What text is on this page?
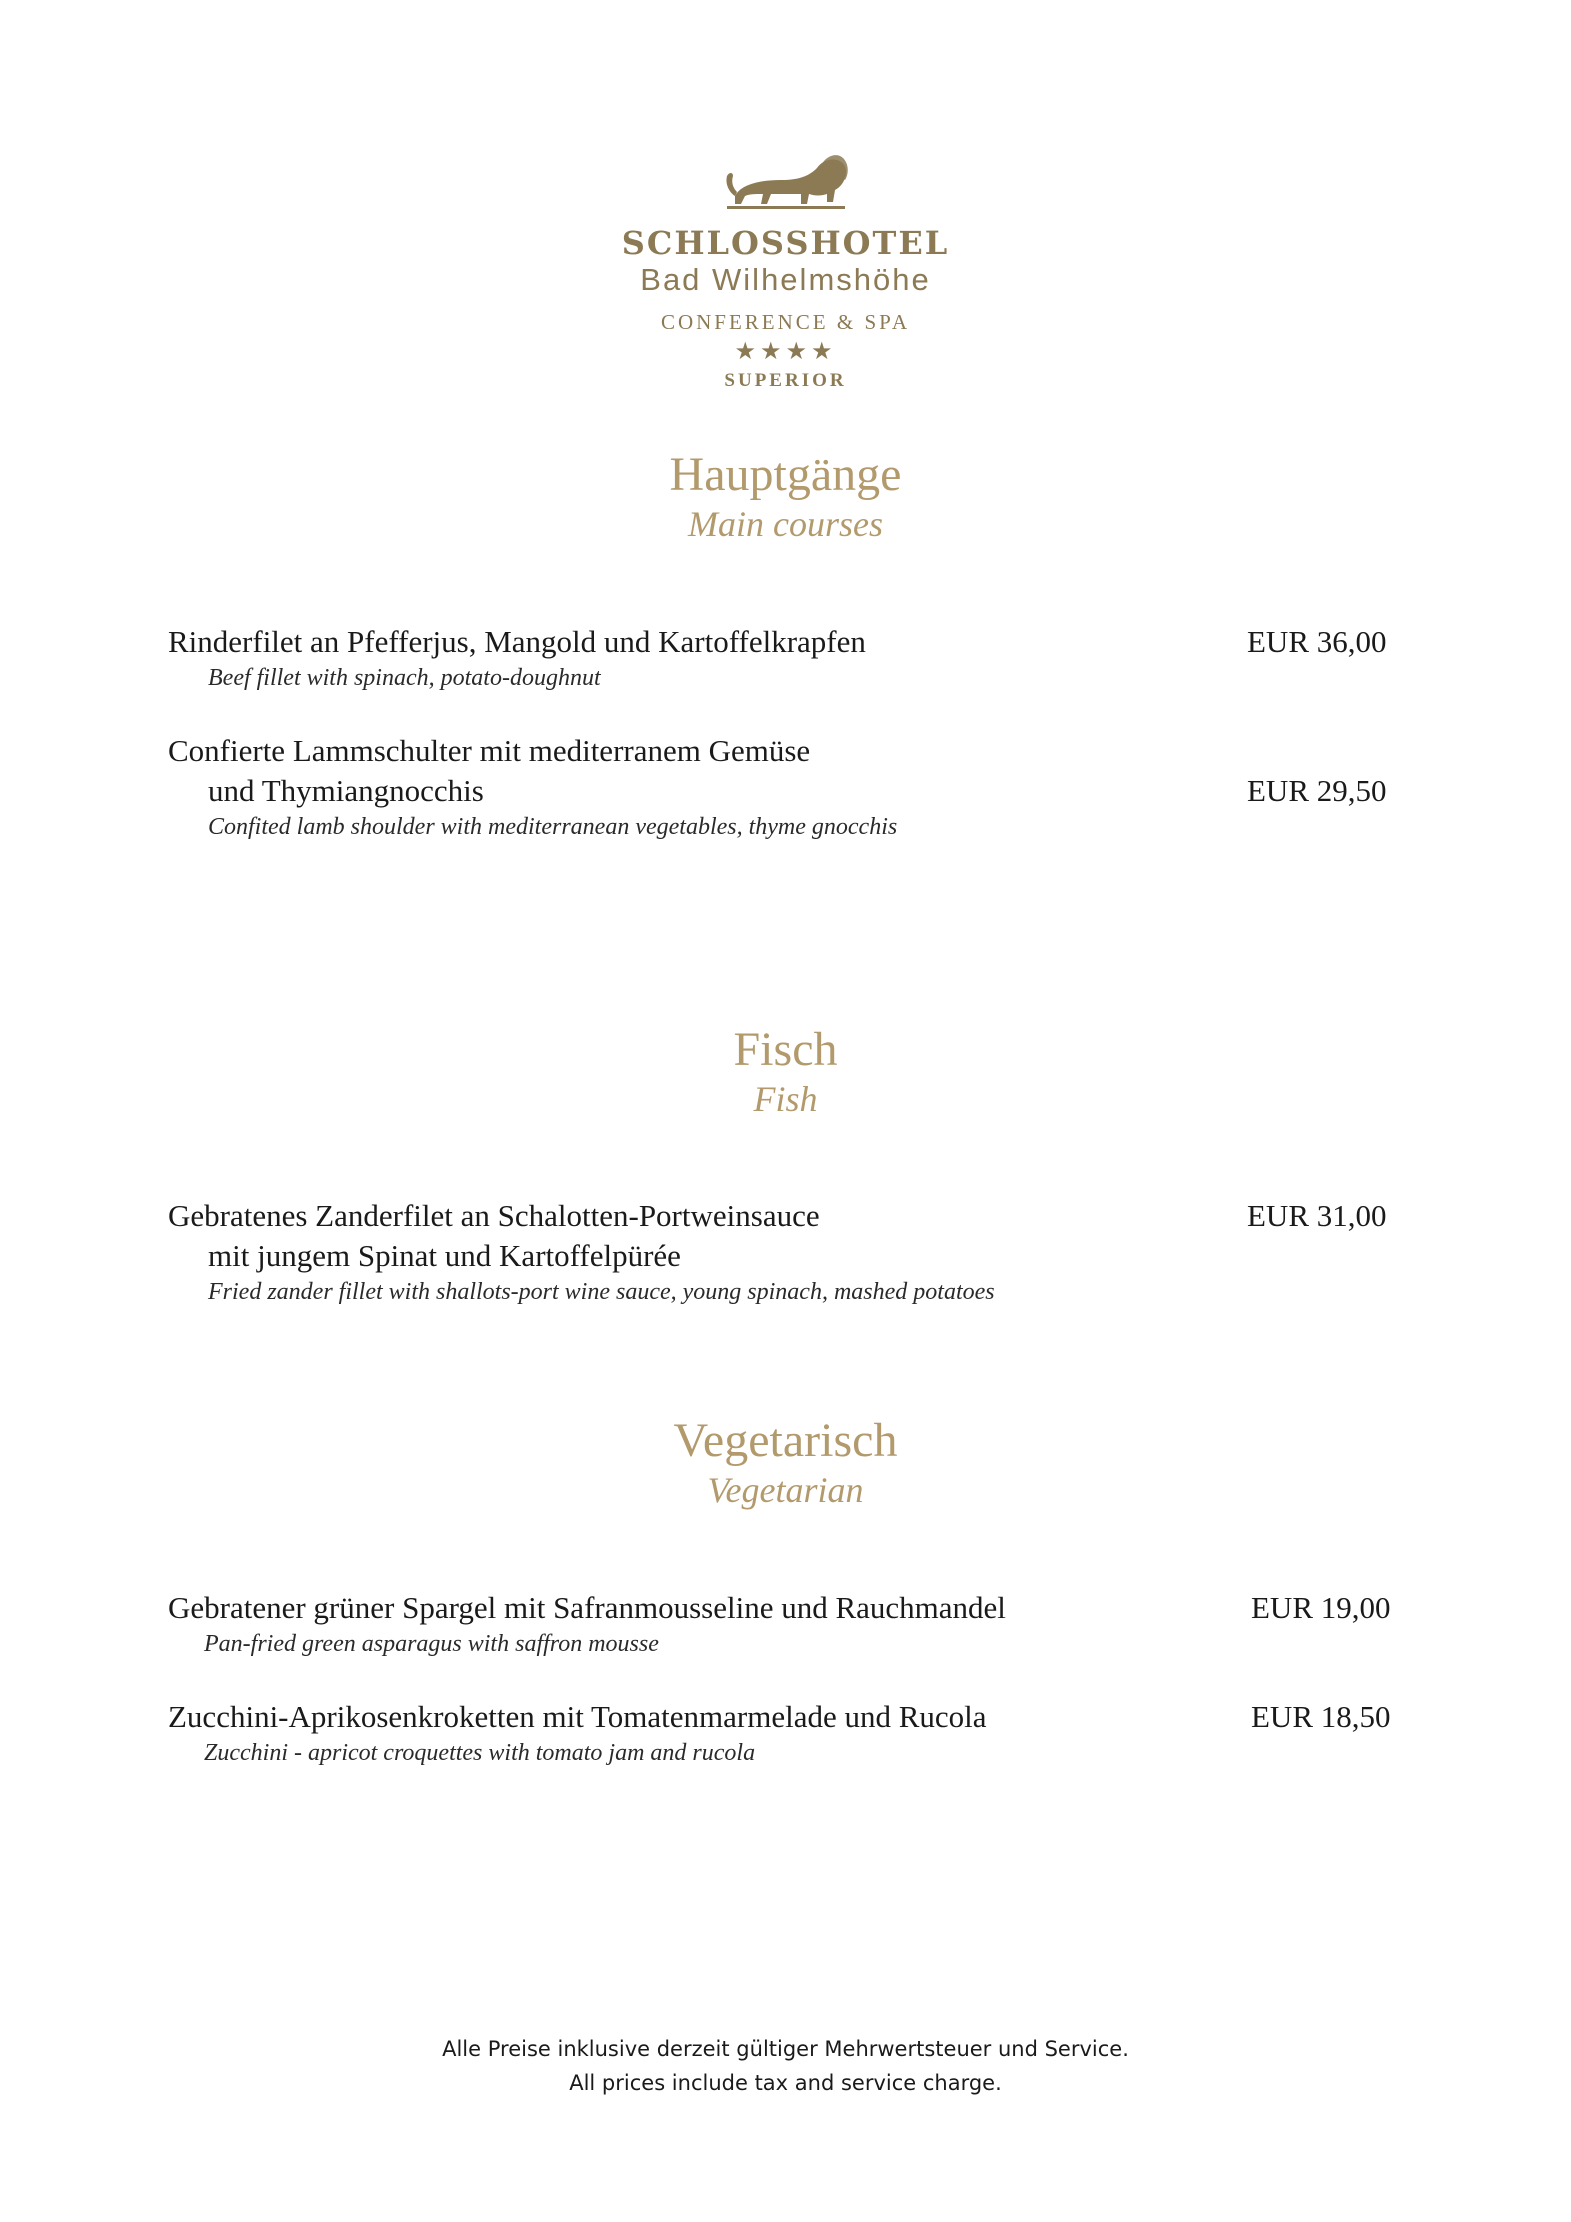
SCHLOSSHOTEL
Bad Wilhelmshöhe
CONFERENCE & SPA
★★★★
SUPERIOR
Hauptgänge
Main courses
Rinderfilet an Pfefferjus, Mangold und Kartoffelkrapfen
Beef fillet with spinach, potato-doughnut
EUR 36,00
Confierte Lammschulter mit mediterranem Gemüse
und Thymiangnocchis
Confited lamb shoulder with mediterranean vegetables, thyme gnocchis
EUR 29,50
Fisch
Fish
Gebratenes Zanderfilet an Schalotten-Portweinsauce
mit jungem Spinat und Kartoffelpürée
Fried zander fillet with shallots-port wine sauce, young spinach, mashed potatoes
EUR 31,00
Vegetarisch
Vegetarian
Gebratener grüner Spargel mit Safranmousseline und Rauchmandel
Pan-fried green asparagus with saffron mousse
EUR 19,00
Zucchini-Aprikosenkroketten mit Tomatenmarmelade und Rucola
Zucchini - apricot croquettes with tomato jam and rucola
EUR 18,50
Alle Preise inklusive derzeit gültiger Mehrwertsteuer und Service.
All prices include tax and service charge.
